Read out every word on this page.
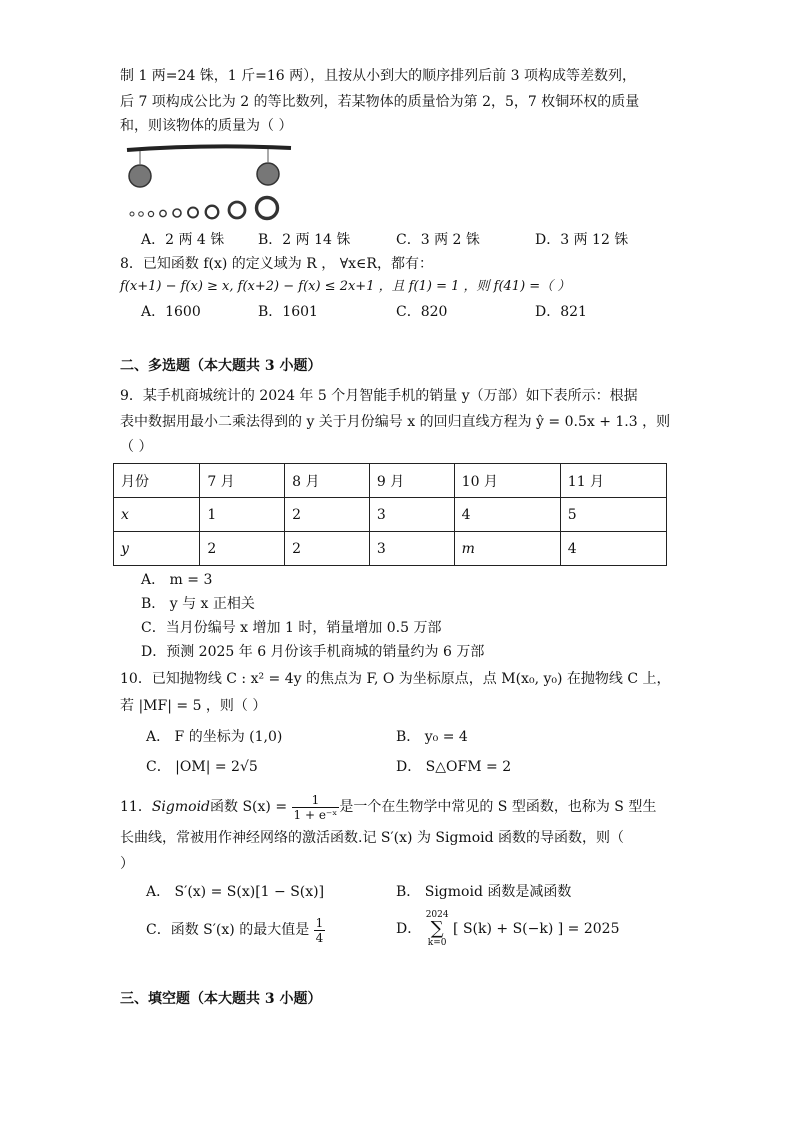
制 1 两=24 铢，1 斤=16 两），且按从小到大的顺序排列后前 3 项构成等差数列，
后 7 项构成公比为 2 的等比数列，若某物体的质量恰为第 2，5，7 枚铜环权的质量
和，则该物体的质量为（ ）
A．2 两 4 铢 B．2 两 14 铢	C．3 两 2 铢	D．3 两 12 铢
8．已知函数 f(x) 的定义域为 R ， ∀x∈R，都有：
f(x+1) − f(x) ≥ x, f(x+2) − f(x) ≤ 2x+1 ，且 f(1) = 1 ，则 f(41) =（ ）
A．1600	B．1601	C．820	D．821
二、多选题（本大题共 3 小题）
9．某手机商城统计的 2024 年 5 个月智能手机的销量 y（万部）如下表所示：根据
表中数据用最小二乘法得到的 y 关于月份编号 x 的回归直线方程为 ŷ = 0.5x + 1.3 ，则
（ ）
月份	7 月	8 月	9 月	10 月	11 月
x	1	2	3	4	5
y	2	2	3	m	4
A． m = 3
B． y 与 x 正相关
C．当月份编号 x 增加 1 时，销量增加 0.5 万部
D．预测 2025 年 6 月份该手机商城的销量约为 6 万部
10．已知抛物线 C : x² = 4y 的焦点为 F, O 为坐标原点，点 M(x₀, y₀) 在抛物线 C 上，
若 |MF| = 5 ，则（ ）
A． F 的坐标为 (1,0)	B． y₀ = 4
C． |OM| = 2√5	D． S△OFM = 2
11．Sigmoid函数 $S(x) = \frac{1}{\text{1 + e⁻ˣ}}$ 是一个在生物学中常见的 S 型函数，也称为 S 型生
长曲线，常被用作神经网络的激活函数.记 S′(x) 为 Sigmoid 函数的导函数，则（
）
A． S′(x) = S(x)[1 − S(x)]	B． Sigmoid 函数是减函数
C．函数 S′(x) 的最大值是 $\frac{1}{4}$	D． 2024
∑
k=0 [ S(k) + S(−k) ] = 2025
三、填空题（本大题共 3 小题）
